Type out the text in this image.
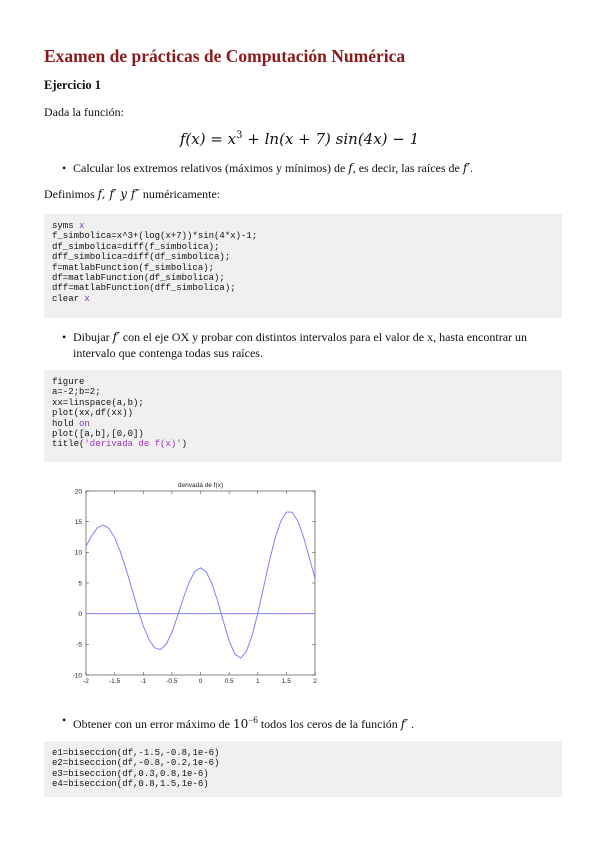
Examen de prácticas de Computación Numérica
Ejercicio 1
Dada la función:
$f(x) = x^3 + \ln(x + 7) \sin(4x) - 1$
• Calcular los extremos relativos (máximos y mínimos) de f, es decir, las raíces de f′.
Definimos f, f′ y f″ numéricamente:
syms x
f_simbolica=x^3+(log(x+7))*sin(4*x)-1;
df_simbolica=diff(f_simbolica);
dff_simbolica=diff(df_simbolica);
f=matlabFunction(f_simbolica);
df=matlabFunction(df_simbolica);
dff=matlabFunction(dff_simbolica);
clear x
• Dibujar f′ con el eje OX y probar con distintos intervalos para el valor de x, hasta encontrar un
intervalo que contenga todas sus raíces.
figure
a=-2;b=2;
xx=linspace(a,b);
plot(xx,df(xx))
hold on
plot([a,b],[0,0])
title('derivada de f(x)')
derivada de f(x)
-2	-1.5	-1	-0.5	0	0.5	1	1.5	2
-10
-5
0
5
10
15
20
• Obtener con un error máximo de $10^{-6}$ todos los ceros de la función f′ .
e1=biseccion(df,-1.5,-0.8,1e-6)
e2=biseccion(df,-0.8,-0.2,1e-6)
e3=biseccion(df,0.3,0.8,1e-6)
e4=biseccion(df,0.8,1.5,1e-6)
